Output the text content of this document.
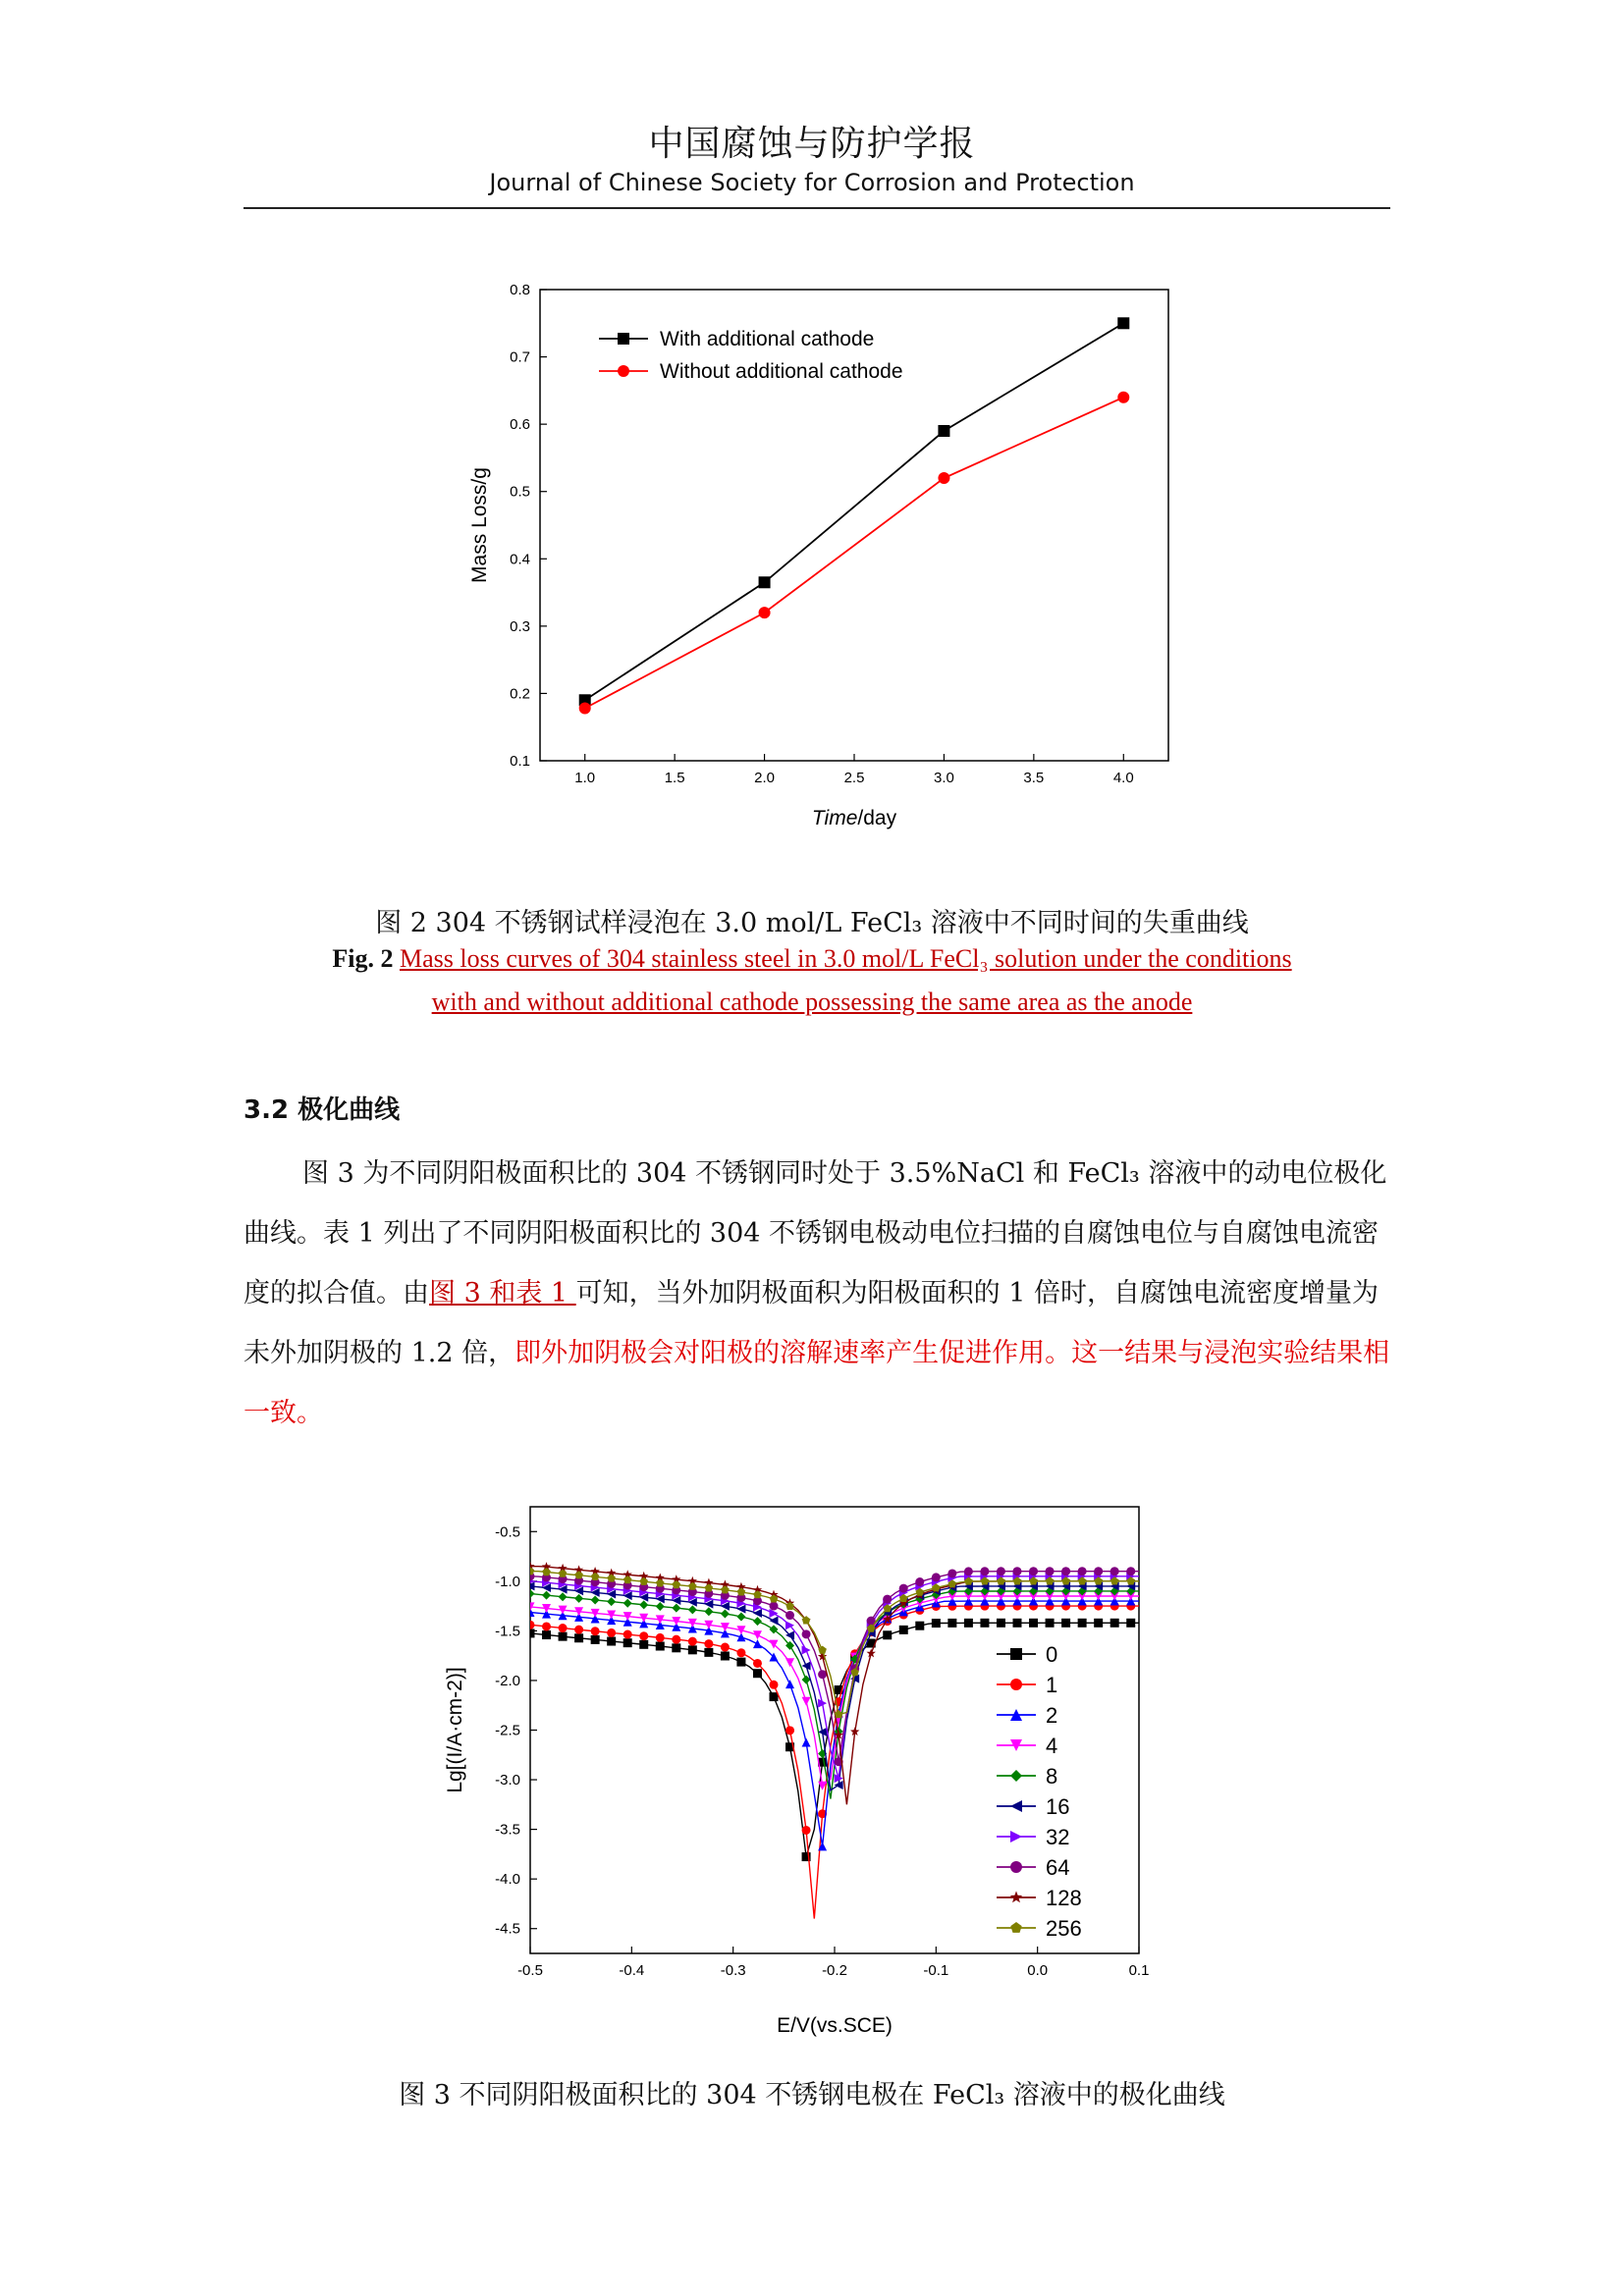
中国腐蚀与防护学报
Journal of Chinese Society for Corrosion and Protection
1.0	1.5	2.0	2.5	3.0	3.5	4.0
0.1
0.2
0.3
0.4
0.5
0.6
0.7
0.8
Time/day
Mass Loss/g
With additional cathode
Without additional cathode
图 2 304 不锈钢试样浸泡在 3.0 mol/L FeCl₃ 溶液中不同时间的失重曲线
Fig. 2 Mass loss curves of 304 stainless steel in 3.0 mol/L FeCl₃ solution under the conditions
with and without additional cathode possessing the same area as the anode
3.2 极化曲线
图 3 为不同阴阳极面积比的 304 不锈钢同时处于 3.5%NaCl 和 FeCl₃ 溶液中的动电位极化曲线。表 1 列出了不同阴阳极面积比的 304 不锈钢电极动电位扫描的自腐蚀电位与自腐蚀电流密度的拟合值。由图 3 和表 1 可知，当外加阴极面积为阳极面积的 1 倍时，自腐蚀电流密度增量为未外加阴极的 1.2 倍，即外加阴极会对阳极的溶解速率产生促进作用。这一结果与浸泡实验结果相一致。
-0.5	-0.4	-0.3	-0.2	-0.1	0.0	0.1
-0.5
-1.0
-1.5
-2.0
-2.5
-3.0
-3.5
-4.0
-4.5
E/V(vs.SCE)
Lg[(I/A·cm-2)]
0
1
2
4
8
16
32
64
128
256
图 3 不同阴阳极面积比的 304 不锈钢电极在 FeCl₃ 溶液中的极化曲线
